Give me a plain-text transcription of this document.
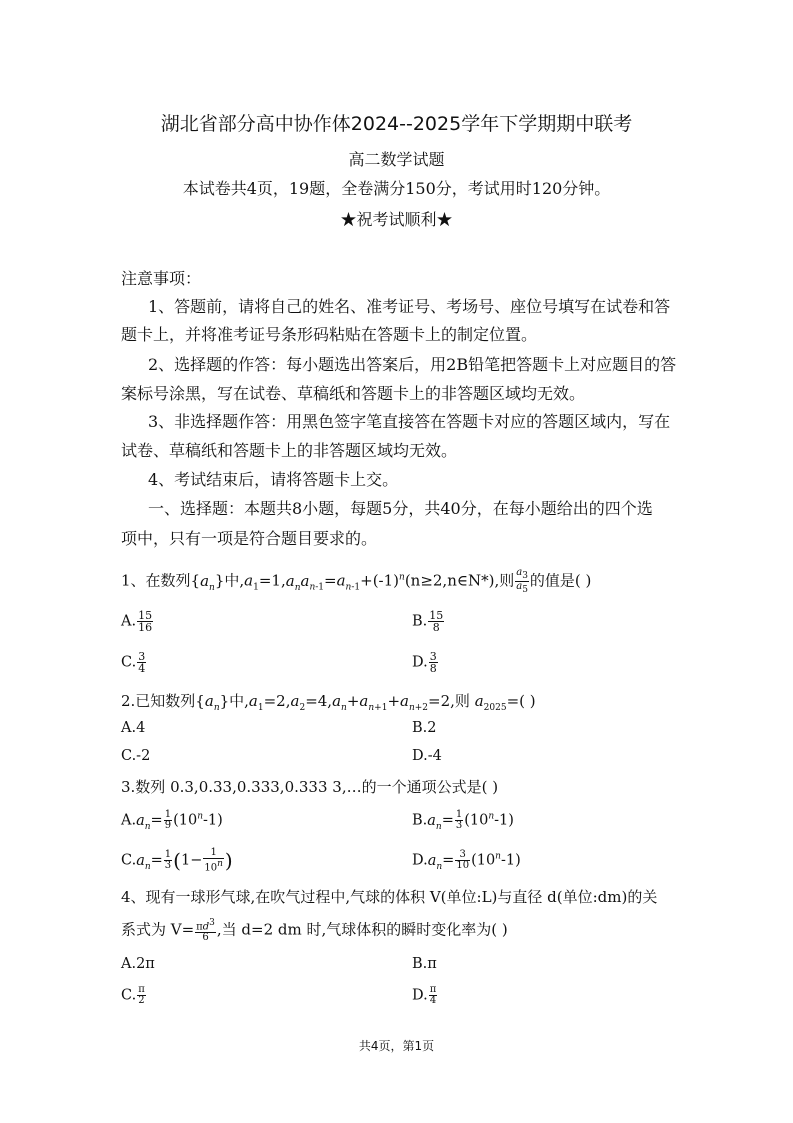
湖北省部分高中协作体2024--2025学年下学期期中联考
高二数学试题
本试卷共4页，19题，全卷满分150分，考试用时120分钟。
★祝考试顺利★
注意事项：
1、答题前，请将自己的姓名、准考证号、考场号、座位号填写在试卷和答
题卡上，并将准考证号条形码粘贴在答题卡上的制定位置。
2、选择题的作答：每小题选出答案后，用2B铅笔把答题卡上对应题目的答
案标号涂黑，写在试卷、草稿纸和答题卡上的非答题区域均无效。
3、非选择题作答：用黑色签字笔直接答在答题卡对应的答题区域内，写在
试卷、草稿纸和答题卡上的非答题区域均无效。
4、考试结束后，请将答题卡上交。
一、选择题：本题共8小题，每题5分，共40分，在每小题给出的四个选
项中，只有一项是符合题目要求的。
1、在数列$\{a_n\}$中$,a_1=1,a_na_{n-1}=a_{n-1}+(-1)^n(n\ge 2,n\in N*)$,则 $\frac{a_3}{a_5}$ 的值是( )
A. $\frac{15}{16}$	B. $\frac{15}{8}$
C. $\frac{3}{4}$	D. $\frac{3}{8}$
2.已知数列$\{a_n\}$中$,a_1=2,a_2=4,a_n+a_{n+1}+a_{n+2}=2$,则 $a_{2025}=$( )
A.4	B.2
C.-2	D.-4
3.数列 0.3,0.33,0.333,0.333 3,…的一个通项公式是( )
$A.a_n= \frac{1}{9} (10^n-1)$	$B.a_n= \frac{1}{3} (10^n-1)$
$C.a_n= \frac{1}{3} (1- \frac{1}{10^n}$ )	$D.a_n= \frac{3}{10} (10^n-1)$
4、现有一球形气球,在吹气过程中,气球的体积 V(单位:L)与直径 d(单位:dm)的关
系式为 $V= \frac{\pi d^3}{6}$ ,当 d=2 dm 时,气球体积的瞬时变化率为( )
A.2π	B.π
C. $\frac{\pi}{2}$	D. $\frac{\pi}{4}$
共4页，第1页
